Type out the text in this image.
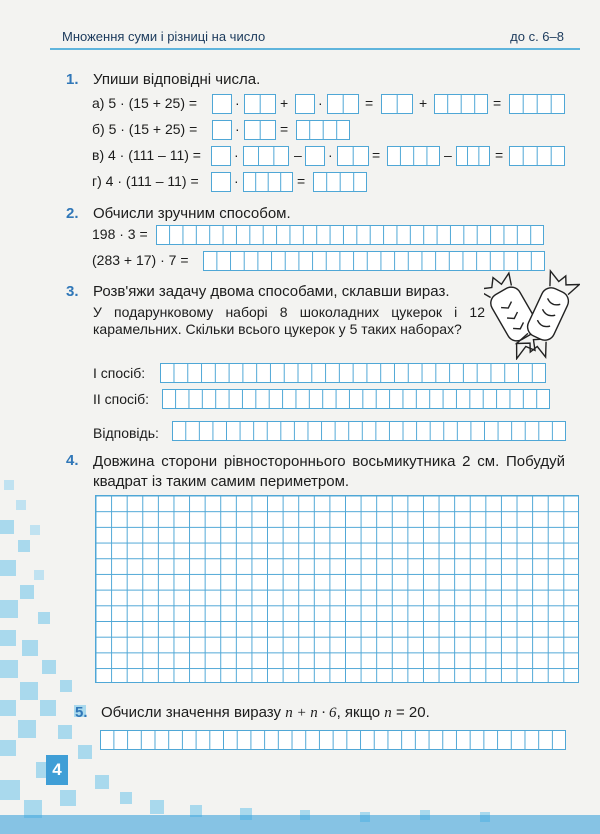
Множення суми і різниці на число	до с. 6–8
1. Упиши відповідні числа.
а) 5 · (15 + 25) =	·	+ ·	=	+	=
б) 5 · (15 + 25) =	·	=
в) 4 · (111 – 11) = ·	– ·	=	–	=
г) 4 · (111 – 11) =	·	=
2. Обчисли зручним способом.
198 · 3 =
(283 + 17) · 7 =
3. Розв'яжи задачу двома способами, склавши вираз.
У подарунковому наборі 8 шоколадних цукерок і 12 карамельних. Скільки всього цукерок у 5 таких наборах?
І спосіб:
ІІ спосіб:
Відповідь:
4. Довжина сторони рівностороннього восьмикутника 2 см. Побудуй квадрат із таким самим периметром.
5. Обчисли значення виразу n + n · 6, якщо n = 20.
4
